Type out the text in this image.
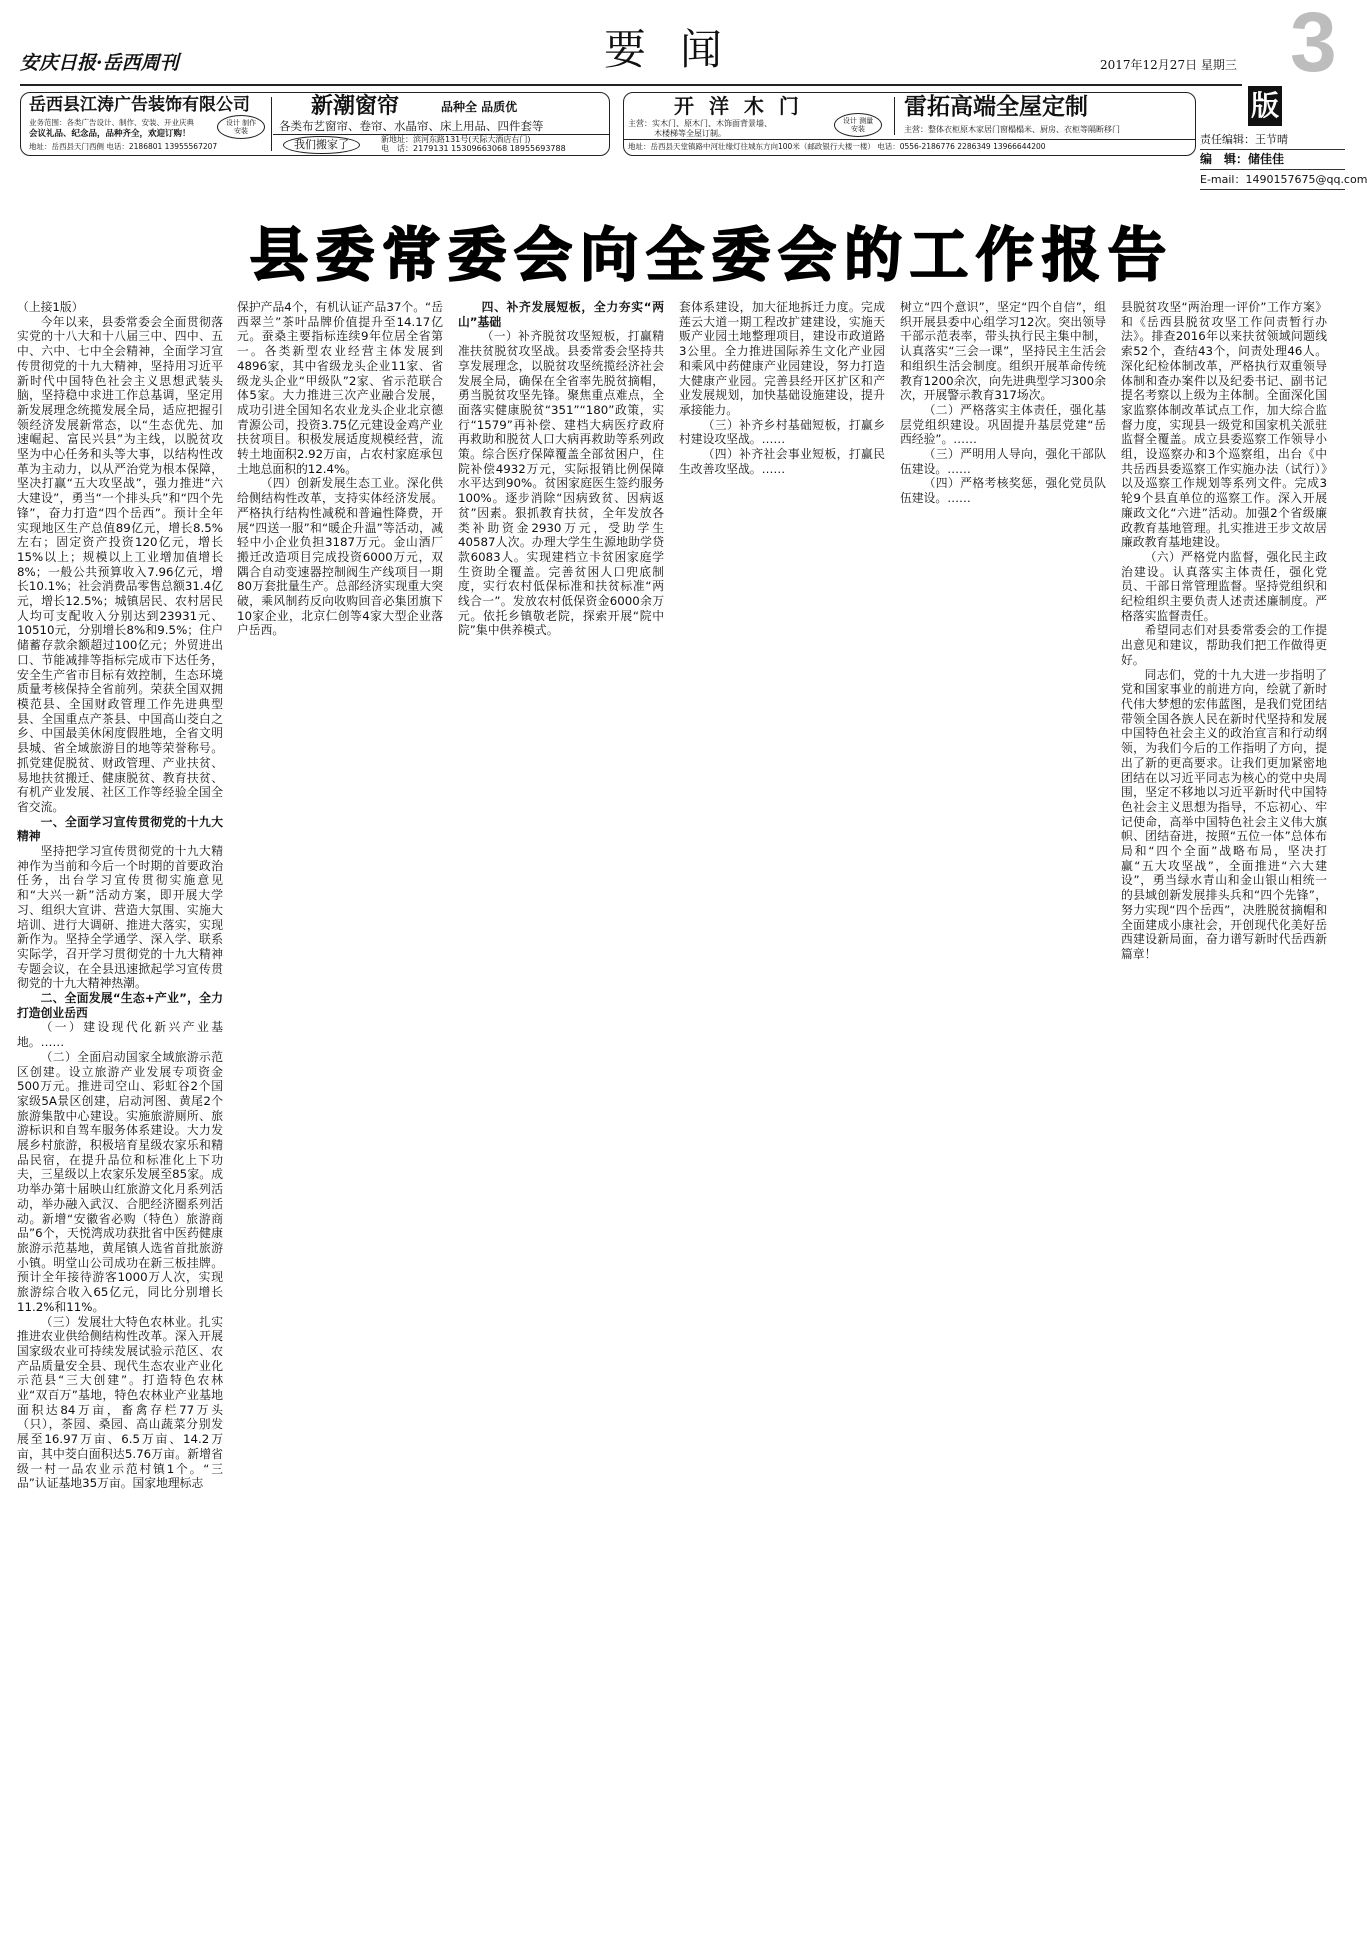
安庆日报·岳西周刊	要闻	2017年12月27日 星期三 3
版
岳西县江涛广告装饰有限公司
业务范围：各类广告设计、制作、安装、开业庆典
会议礼品、纪念品，品种齐全，欢迎订购！
地址：岳西县天门西侧 电话：2186801 13955567207
设计 制作 安装
新潮窗帘	品种全 品质优
各类布艺窗帘、卷帘、水晶帘、床上用品、四件套等
我们搬家了	新地址：滨河东路131号(天际大酒店右门)
电　话：2179131 15309663068 18955693788
开 洋 木 门
主营：实木门、原木门、木饰面背景墙、
木楼梯等全屋订制。
设计 测量 安装
雷拓高端全屋定制
主营：整体衣柜原木家居门窗榻榻米、厨房、衣柜等隔断移门
地址：岳西县天堂镇路中河壮缘灯往城东方向100米（邮政银行大楼一楼） 电话：0556-2186776 2286349 13966644200
责任编辑：王节晴
编　辑：储佳佳
E-mail：1490157675@qq.com
县委常委会向全委会的工作报告

（上接1版）

今年以来，县委常委会全面贯彻落实党的十八大和十八届三中、四中、五中、六中、七中全会精神，全面学习宣传贯彻党的十九大精神，坚持用习近平新时代中国特色社会主义思想武装头脑，坚持稳中求进工作总基调，坚定用新发展理念统揽发展全局，适应把握引领经济发展新常态，以“生态优先、加速崛起、富民兴县”为主线，以脱贫攻坚为中心任务和头等大事，以结构性改革为主动力，以从严治党为根本保障，坚决打赢“五大攻坚战”，强力推进“六大建设”，勇当“一个排头兵”和“四个先锋”，奋力打造“四个岳西”。预计全年实现地区生产总值89亿元，增长8.5%左右；固定资产投资120亿元，增长15%以上；规模以上工业增加值增长8%；一般公共预算收入7.96亿元，增长10.1%；社会消费品零售总额31.4亿元，增长12.5%；城镇居民、农村居民人均可支配收入分别达到23931元、10510元，分别增长8%和9.5%；住户储蓄存款余额超过100亿元；外贸进出口、节能减排等指标完成市下达任务，安全生产省市目标有效控制，生态环境质量考核保持全省前列。荣获全国双拥模范县、全国财政管理工作先进典型县、全国重点产茶县、中国高山茭白之乡、中国最美休闲度假胜地，全省文明县城、省全域旅游目的地等荣誉称号。抓党建促脱贫、财政管理、产业扶贫、易地扶贫搬迁、健康脱贫、教育扶贫、有机产业发展、社区工作等经验全国全省交流。

一、全面学习宣传贯彻党的十九大精神

坚持把学习宣传贯彻党的十九大精神作为当前和今后一个时期的首要政治任务，出台学习宣传贯彻实施意见和“大兴一新”活动方案，即开展大学习、组织大宣讲、营造大氛围、实施大培训、进行大调研、推进大落实，实现新作为。坚持全学通学、深入学、联系实际学，召开学习贯彻党的十九大精神专题会议，在全县迅速掀起学习宣传贯彻党的十九大精神热潮。

二、全面发展“生态+产业”，全力打造创业岳西

（一）建设现代化新兴产业基地。……

（二）全面启动国家全域旅游示范区创建。设立旅游产业发展专项资金500万元。推进司空山、彩虹谷2个国家级5A景区创建，启动河图、黄尾2个旅游集散中心建设。实施旅游厕所、旅游标识和自驾车服务体系建设。大力发展乡村旅游，积极培育星级农家乐和精品民宿，在提升品位和标准化上下功夫，三星级以上农家乐发展至85家。成功举办第十届映山红旅游文化月系列活动，举办融入武汉、合肥经济圈系列活动。新增“安徽省必购（特色）旅游商品”6个，天悦湾成功获批省中医药健康旅游示范基地，黄尾镇人选省首批旅游小镇。明堂山公司成功在新三板挂牌。预计全年接待游客1000万人次，实现旅游综合收入65亿元，同比分别增长11.2%和11%。

（三）发展壮大特色农林业。扎实推进农业供给侧结构性改革。深入开展国家级农业可持续发展试验示范区、农产品质量安全县、现代生态农业产业化示范县“三大创建”。打造特色农林业“双百万”基地，特色农林业产业基地面积达84万亩，畜禽存栏77万头（只），茶园、桑园、高山蔬菜分别发展至16.97万亩、6.5万亩、14.2万亩，其中茭白面积达5.76万亩。新增省级一村一品农业示范村镇1个。“三品”认证基地35万亩。国家地理标志

保护产品4个，有机认证产品37个。“岳西翠兰”茶叶品牌价值提升至14.17亿元。蚕桑主要指标连续9年位居全省第一。各类新型农业经营主体发展到4896家，其中省级龙头企业11家、省级龙头企业“甲级队”2家、省示范联合体5家。大力推进三次产业融合发展，成功引进全国知名农业龙头企业北京德青源公司，投资3.75亿元建设金鸡产业扶贫项目。积极发展适度规模经营，流转土地面积2.92万亩，占农村家庭承包土地总面积的12.4%。

（四）创新发展生态工业。深化供给侧结构性改革，支持实体经济发展。严格执行结构性减税和普遍性降费，开展“四送一服”和“暖企升温”等活动，减轻中小企业负担3187万元。金山酒厂搬迁改造项目完成投资6000万元，双隅合自动变速器控制阀生产线项目一期80万套批量生产。总部经济实现重大突破，乘风制药反向收购回音必集团旗下10家企业，北京仁创等4家大型企业落户岳西。

四、补齐发展短板，全力夯实“两山”基础

（一）补齐脱贫攻坚短板，打赢精准扶贫脱贫攻坚战。县委常委会坚持共享发展理念，以脱贫攻坚统揽经济社会发展全局，确保在全省率先脱贫摘帽，勇当脱贫攻坚先锋。聚焦重点难点，全面落实健康脱贫“351”“180”政策，实行“1579”再补偿、建档大病医疗政府再救助和脱贫人口大病再救助等系列政策。综合医疗保障覆盖全部贫困户，住院补偿4932万元，实际报销比例保障水平达到90%。贫困家庭医生签约服务100%。逐步消除“因病致贫、因病返贫”因素。狠抓教育扶贫，全年发放各类补助资金2930万元，受助学生40587人次。办理大学生生源地助学贷款6083人。实现建档立卡贫困家庭学生资助全覆盖。完善贫困人口兜底制度，实行农村低保标准和扶贫标准“两线合一”。发放农村低保资金6000余万元。依托乡镇敬老院，探索开展“院中院”集中供养模式。

套体系建设，加大征地拆迁力度。完成莲云大道一期工程改扩建建设，实施天贩产业园土地整理项目，建设市政道路3公里。全力推进国际养生文化产业园和乘风中药健康产业园建设，努力打造大健康产业园。完善县经开区扩区和产业发展规划，加快基础设施建设，提升承接能力。

（三）补齐乡村基础短板，打赢乡村建设攻坚战。……

（四）补齐社会事业短板，打赢民生改善攻坚战。……

树立“四个意识”，坚定“四个自信”，组织开展县委中心组学习12次。突出领导干部示范表率，带头执行民主集中制，认真落实“三会一课”，坚持民主生活会和组织生活会制度。组织开展革命传统教育1200余次，向先进典型学习300余次，开展警示教育317场次。

（二）严格落实主体责任，强化基层党组织建设。巩固提升基层党建“岳西经验”。……

（三）严明用人导向，强化干部队伍建设。……

（四）严格考核奖惩，强化党员队伍建设。……

县脱贫攻坚“两治理一评价”工作方案》和《岳西县脱贫攻坚工作问责暂行办法》。排查2016年以来扶贫领域问题线索52个，查结43个，问责处理46人。深化纪检体制改革，严格执行双重领导体制和查办案件以及纪委书记、副书记提名考察以上级为主体制。全面深化国家监察体制改革试点工作，加大综合监督力度，实现县一级党和国家机关派驻监督全覆盖。成立县委巡察工作领导小组，设巡察办和3个巡察组，出台《中共岳西县委巡察工作实施办法（试行）》以及巡察工作规划等系列文件。完成3轮9个县直单位的巡察工作。深入开展廉政文化“六进”活动。加强2个省级廉政教育基地管理。扎实推进王步文故居廉政教育基地建设。

（六）严格党内监督，强化民主政治建设。认真落实主体责任，强化党员、干部日常管理监督。坚持党组织和纪检组织主要负责人述责述廉制度。严格落实监督责任。

希望同志们对县委常委会的工作提出意见和建议，帮助我们把工作做得更好。

同志们，党的十九大进一步指明了党和国家事业的前进方向，绘就了新时代伟大梦想的宏伟蓝图，是我们党团结带领全国各族人民在新时代坚持和发展中国特色社会主义的政治宣言和行动纲领，为我们今后的工作指明了方向，提出了新的更高要求。让我们更加紧密地团结在以习近平同志为核心的党中央周围，坚定不移地以习近平新时代中国特色社会主义思想为指导，不忘初心、牢记使命，高举中国特色社会主义伟大旗帜、团结奋进，按照“五位一体”总体布局和“四个全面”战略布局，坚决打赢“五大攻坚战”，全面推进“六大建设”，勇当绿水青山和金山银山相统一的县域创新发展排头兵和“四个先锋”，努力实现“四个岳西”，决胜脱贫摘帽和全面建成小康社会，开创现代化美好岳西建设新局面，奋力谱写新时代岳西新篇章！
